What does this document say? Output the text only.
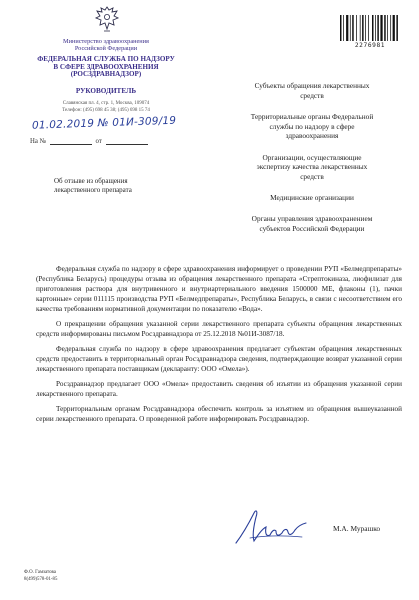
Министерство здравоохранения
Российской Федерации
ФЕДЕРАЛЬНАЯ СЛУЖБА ПО НАДЗОРУ
В СФЕРЕ ЗДРАВООХРАНЕНИЯ
(РОСЗДРАВНАДЗОР)
РУКОВОДИТЕЛЬ
Славянская пл. 4, стр. 1, Москва, 109074
Телефон: (495) 698 45 38; (495) 698 15 74
01.02.2019 № 01И-309/19
На №	от
2276981

Субъекты обращения лекарственных средств

Территориальные органы Федеральной службы по надзору в сфере здравоохранения

Организации, осуществляющие экспертизу качества лекарственных средств

Медицинские организации

Органы управления здравоохранением субъектов Российской Федерации

Об отзыве из обращения
лекарственного препарата

Федеральная служба по надзору в сфере здравоохранения информирует о проведении РУП «Белмедпрепараты» (Республика Беларусь) процедуры отзыва из обращения лекарственного препарата «Стрептокиназа, лиофилизат для приготовления раствора для внутривенного и внутриартериального введения 1500000 МЕ, флаконы (1), пачки картонные» серии 011115 производства РУП «Белмедпрепараты», Республика Беларусь, в связи с несоответствием его качества требованиям нормативной документации по показателю «Вода».

О прекращении обращения указанной серии лекарственного препарата субъекты обращения лекарственных средств информированы письмом Росздравнадзора от 25.12.2018 №01И-3087/18.

Федеральная служба по надзору в сфере здравоохранения предлагает субъектам обращения лекарственных средств предоставить в территориальный орган Росздравнадзора сведения, подтверждающие возврат указанной серии лекарственного препарата поставщикам (декларанту: ООО «Омела»).

Росздравнадзор предлагает ООО «Омела» предоставить сведения об изъятии из обращения указанной серии лекарственного препарата.

Территориальным органам Росздравнадзора обеспечить контроль за изъятием из обращения вышеуказанной серии лекарственного препарата. О проведенной работе информировать Росздравнадзор.

М.А. Мурашко
Ф.О. Гамзатова
8(499)578-01-85
